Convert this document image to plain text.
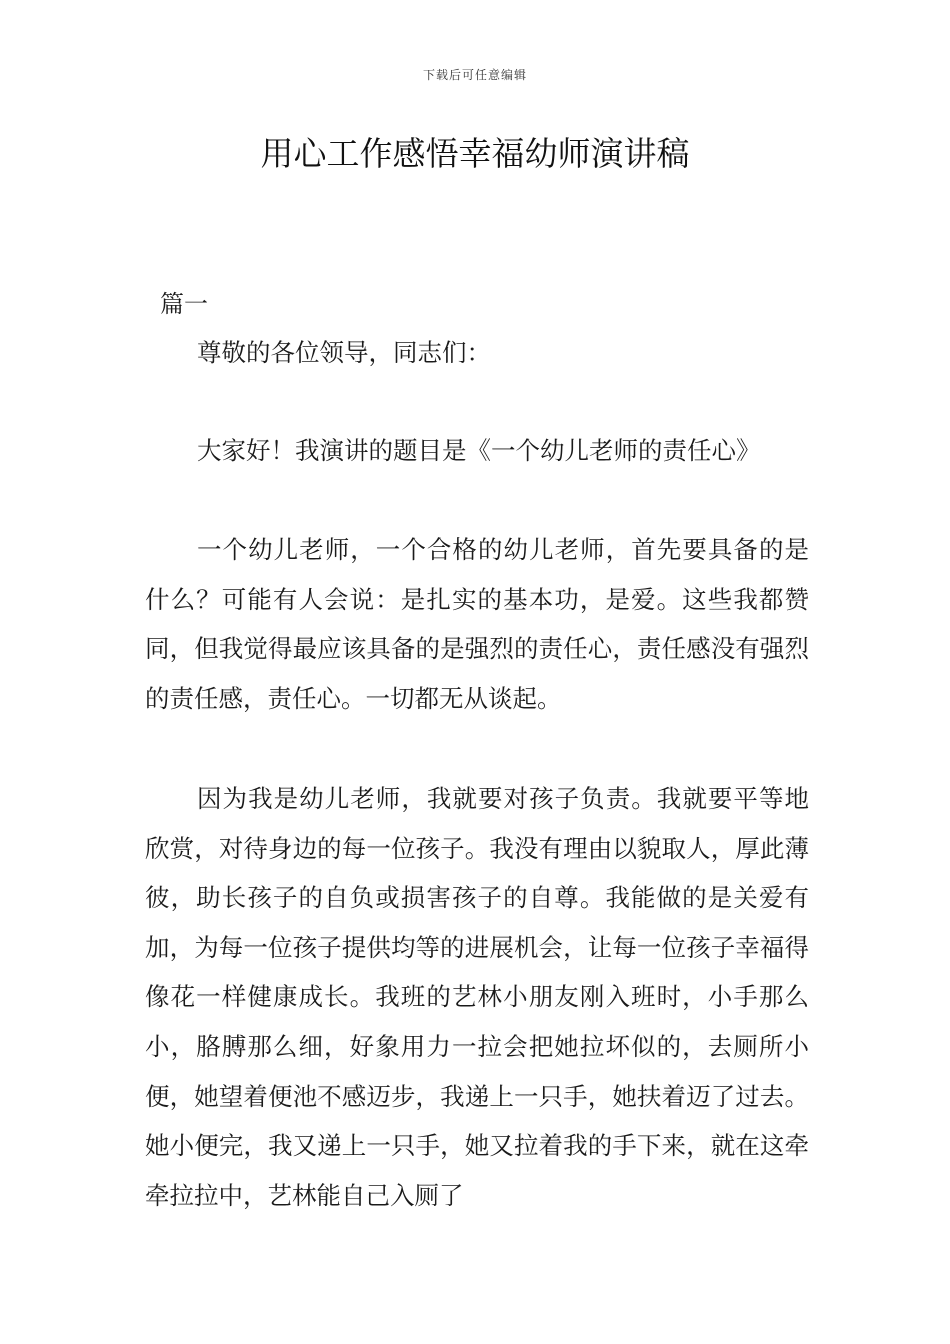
下载后可任意编辑
用心工作感悟幸福幼师演讲稿

篇一

尊敬的各位领导，同志们：

大家好！我演讲的题目是《一个幼儿老师的责任心》

一个幼儿老师，一个合格的幼儿老师，首先要具备的是什么？可能有人会说：是扎实的基本功，是爱。这些我都赞同，但我觉得最应该具备的是强烈的责任心，责任感没有强烈的责任感，责任心。一切都无从谈起。

因为我是幼儿老师，我就要对孩子负责。我就要平等地欣赏，对待身边的每一位孩子。我没有理由以貌取人，厚此薄彼，助长孩子的自负或损害孩子的自尊。我能做的是关爱有加，为每一位孩子提供均等的进展机会，让每一位孩子幸福得像花一样健康成长。我班的艺林小朋友刚入班时，小手那么小，胳膊那么细，好象用力一拉会把她拉坏似的，去厕所小便，她望着便池不感迈步，我递上一只手，她扶着迈了过去。她小便完，我又递上一只手，她又拉着我的手下来，就在这牵牵拉拉中，艺林能自己入厕了
